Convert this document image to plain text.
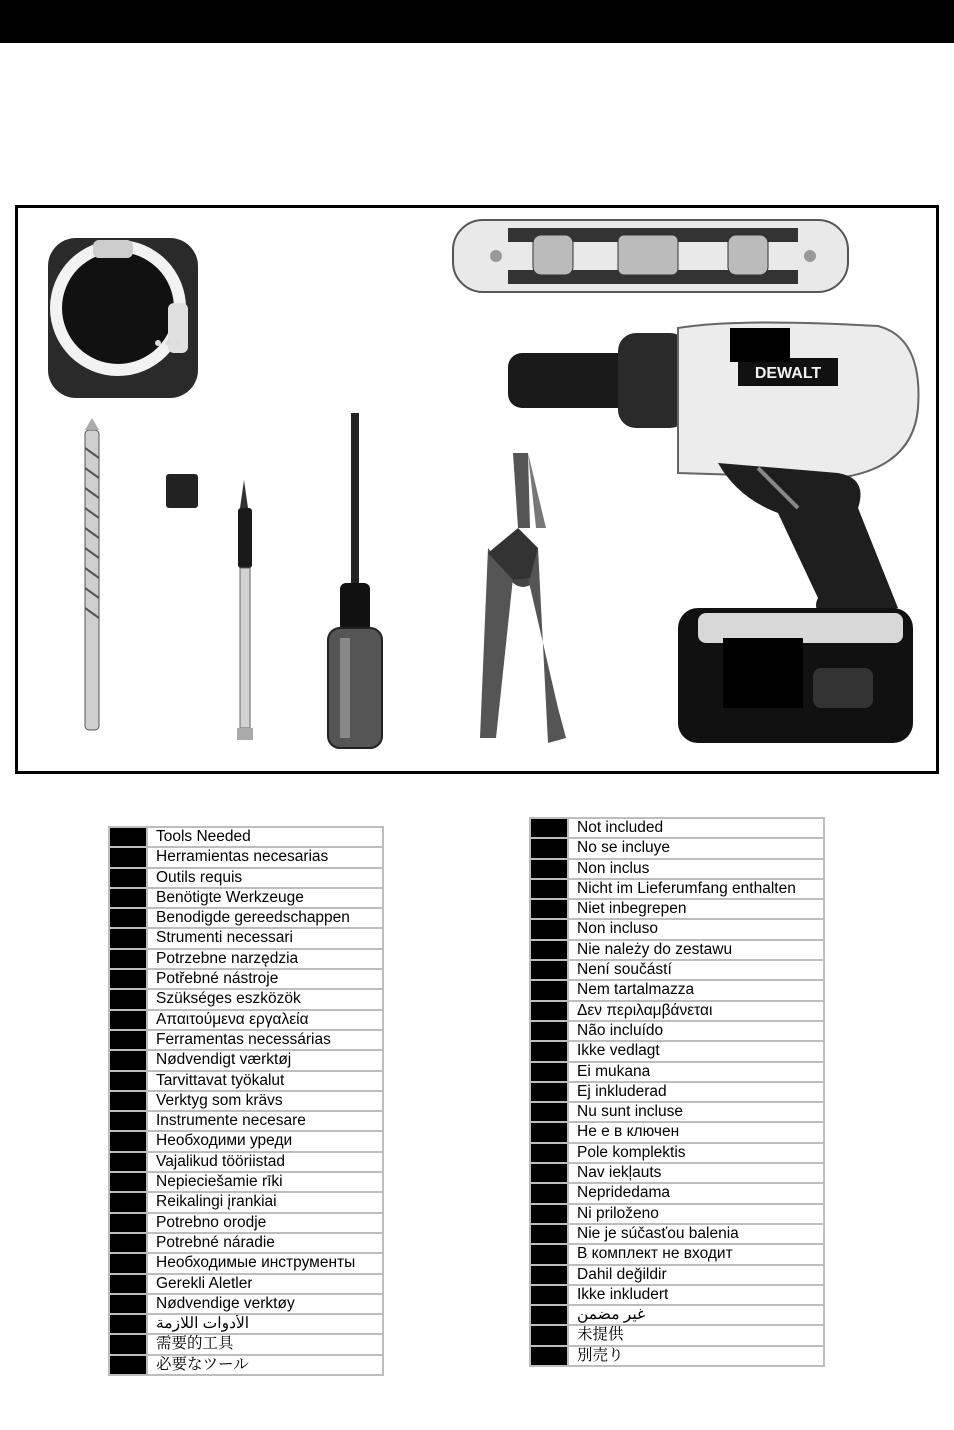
DEWALT
Tools Needed
Herramientas necesarias
Outils requis
Benötigte Werkzeuge
Benodigde gereedschappen
Strumenti necessari
Potrzebne narzędzia
Potřebné nástroje
Szükséges eszközök
Απαιτούμενα εργαλεία
Ferramentas necessárias
Nødvendigt værktøj
Tarvittavat työkalut
Verktyg som krävs
Instrumente necesare
Необходими уреди
Vajalikud tööriistad
Nepieciešamie rīki
Reikalingi įrankiai
Potrebno orodje
Potrebné náradie
Необходимые инструменты
Gerekli Aletler
Nødvendige verktøy
الأدوات اللازمة
需要的工具
必要なツール
Not included
No se incluye
Non inclus
Nicht im Lieferumfang enthalten
Niet inbegrepen
Non incluso
Nie należy do zestawu
Není součástí
Nem tartalmazza
Δεν περιλαμβάνεται
Não incluído
Ikke vedlagt
Ei mukana
Ej inkluderad
Nu sunt incluse
Не е в ключен
Pole komplektis
Nav iekļauts
Nepridedama
Ni priloženo
Nie je súčasťou balenia
В комплект не входит
Dahil değildir
Ikke inkludert
غير مضمن
未提供
別売り
